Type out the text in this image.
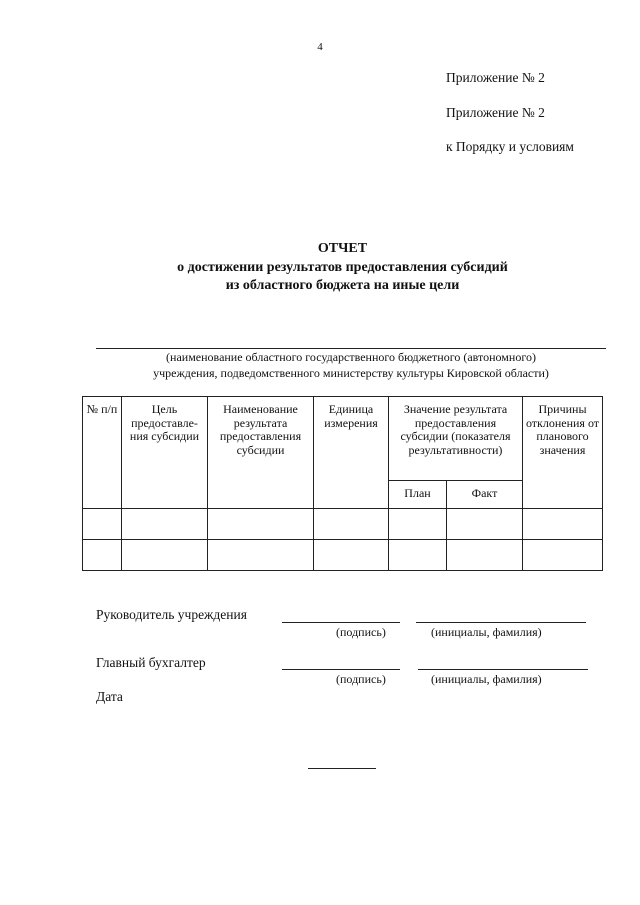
4
Приложение № 2
Приложение № 2
к Порядку и условиям
ОТЧЕТ
о достижении результатов предоставления субсидий
из областного бюджета на иные цели
(наименование областного государственного бюджетного (автономного)
учреждения, подведомственного министерству культуры Кировской области)
№ п/п	Цель предоставле-ния субсидии	Наименование результата предоставления субсидии	Единица измерения	Значение результата предоставления субсидии (показателя результативности)		Причины отклонения от планового значения
				План	Факт	

Руководитель учреждения
(подпись)	(инициалы, фамилия)
Главный бухгалтер
(подпись)	(инициалы, фамилия)
Дата
